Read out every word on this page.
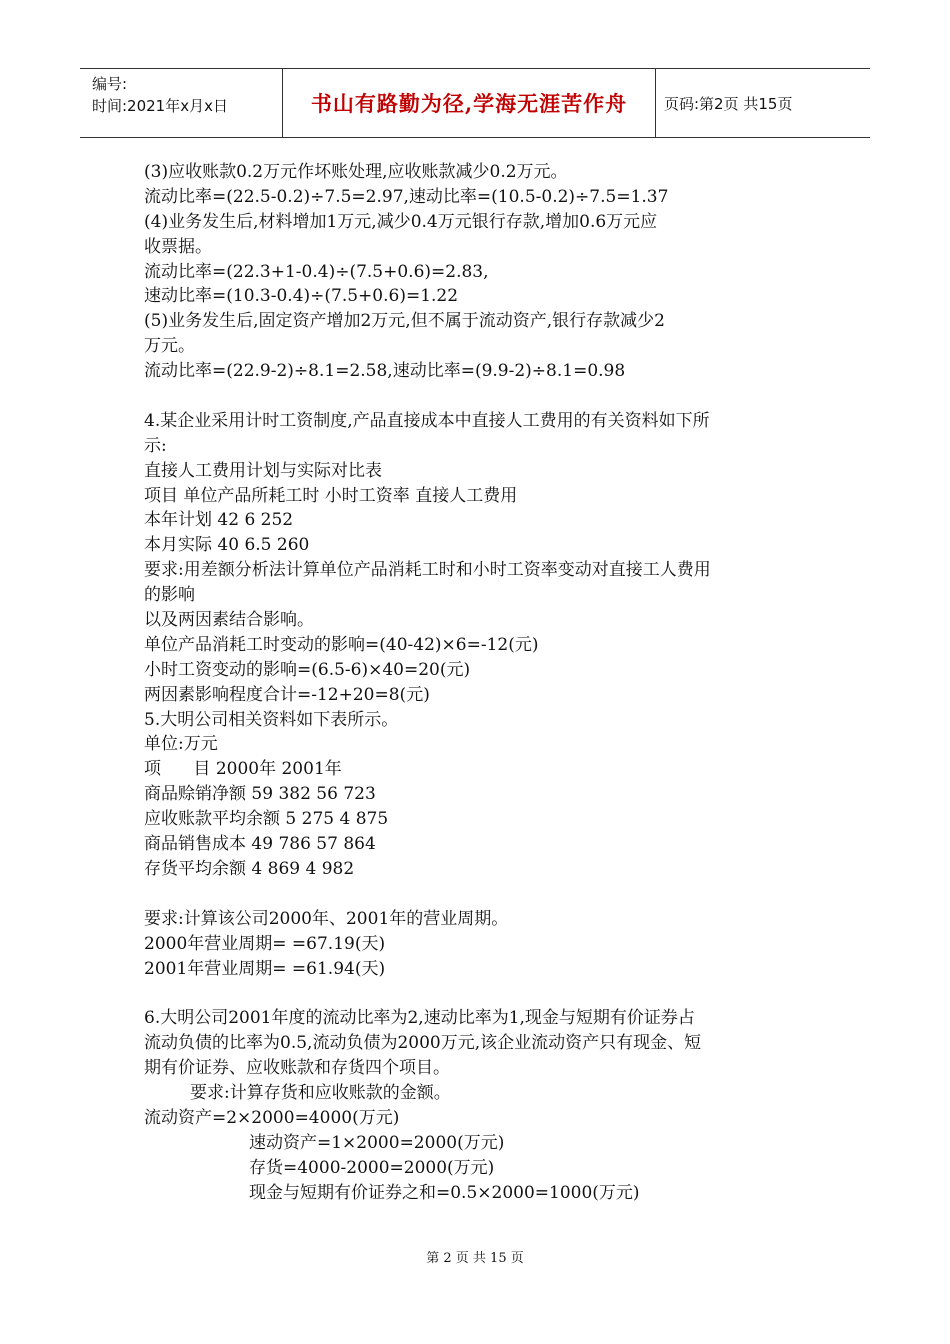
编号:
时间:2021年x月x日	书山有路勤为径,学海无涯苦作舟 页码:第2页 共15页
(3)应收账款0.2万元作坏账处理,应收账款减少0.2万元。
流动比率=(22.5-0.2)÷7.5=2.97,速动比率=(10.5-0.2)÷7.5=1.37
(4)业务发生后,材料增加1万元,减少0.4万元银行存款,增加0.6万元应
收票据。
流动比率=(22.3+1-0.4)÷(7.5+0.6)=2.83,
速动比率=(10.3-0.4)÷(7.5+0.6)=1.22
(5)业务发生后,固定资产增加2万元,但不属于流动资产,银行存款减少2
万元。
流动比率=(22.9-2)÷8.1=2.58,速动比率=(9.9-2)÷8.1=0.98
4.某企业采用计时工资制度,产品直接成本中直接人工费用的有关资料如下所
示:
直接人工费用计划与实际对比表
项目 单位产品所耗工时 小时工资率 直接人工费用
本年计划 42 6 252
本月实际 40 6.5 260
要求:用差额分析法计算单位产品消耗工时和小时工资率变动对直接工人费用
的影响
以及两因素结合影响。
单位产品消耗工时变动的影响=(40-42)×6=-12(元)
小时工资变动的影响=(6.5-6)×40=20(元)
两因素影响程度合计=-12+20=8(元)
5.大明公司相关资料如下表所示。
单位:万元
项      目 2000年 2001年
商品赊销净额 59 382 56 723
应收账款平均余额 5 275 4 875
商品销售成本 49 786 57 864
存货平均余额 4 869 4 982
要求:计算该公司2000年、2001年的营业周期。
2000年营业周期= =67.19(天)
2001年营业周期= =61.94(天)
6.大明公司2001年度的流动比率为2,速动比率为1,现金与短期有价证券占
流动负债的比率为0.5,流动负债为2000万元,该企业流动资产只有现金、短
期有价证券、应收账款和存货四个项目。
要求:计算存货和应收账款的金额。
流动资产=2×2000=4000(万元)
速动资产=1×2000=2000(万元)
存货=4000-2000=2000(万元)
现金与短期有价证券之和=0.5×2000=1000(万元)
第 2 页 共 15 页
